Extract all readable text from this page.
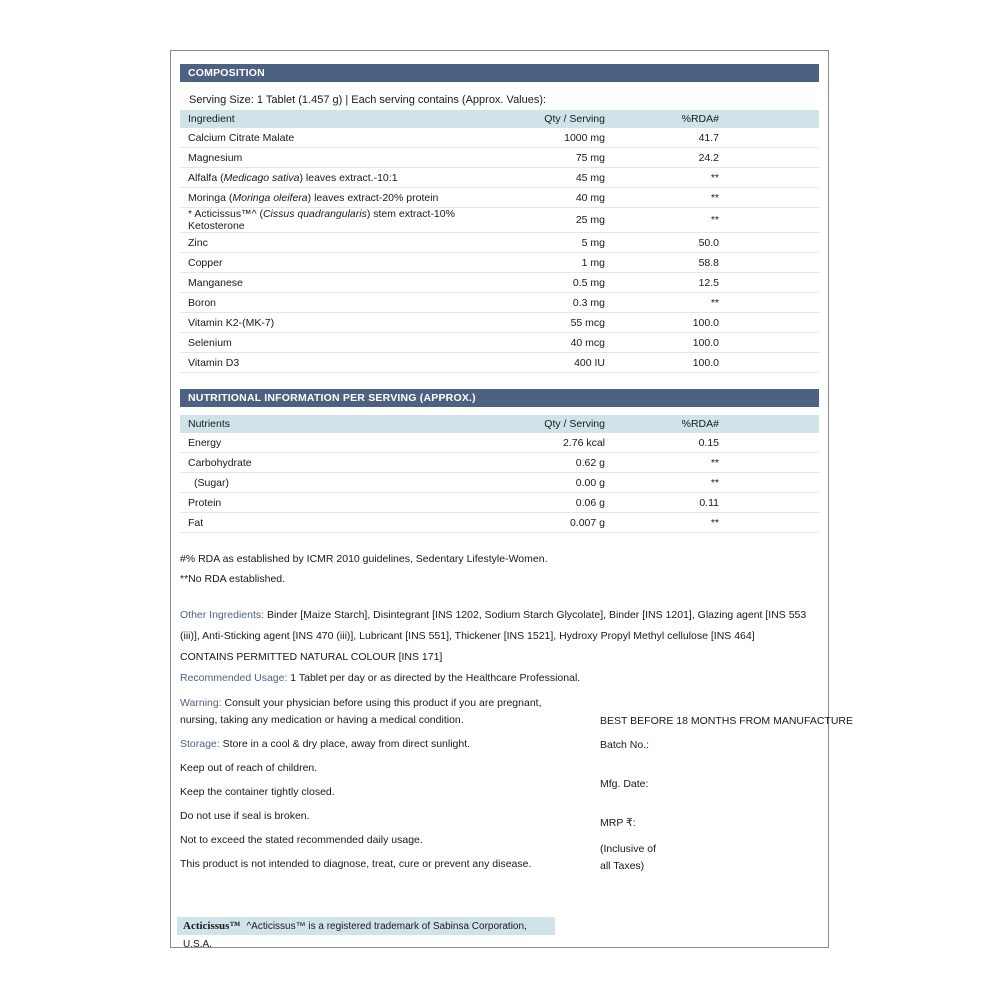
COMPOSITION
Serving Size: 1 Tablet (1.457 g) | Each serving contains (Approx. Values):
Ingredient	Qty / Serving	%RDA#
Calcium Citrate Malate	1000 mg	41.7
Magnesium	75 mg	24.2
Alfalfa (Medicago sativa) leaves extract.-10:1	45 mg	**
Moringa (Moringa oleifera) leaves extract-20% protein	40 mg	**
* Acticissus™^ (Cissus quadrangularis) stem extract-10% Ketosterone	25 mg	**
Zinc	5 mg	50.0
Copper	1 mg	58.8
Manganese	0.5 mg	12.5
Boron	0.3 mg	**
Vitamin K2-(MK-7)	55 mcg	100.0
Selenium	40 mcg	100.0
Vitamin D3	400 IU	100.0
NUTRITIONAL INFORMATION PER SERVING (APPROX.)
Nutrients	Qty / Serving	%RDA#
Energy	2.76 kcal	0.15
Carbohydrate	0.62 g	**
(Sugar)	0.00 g	**
Protein	0.06 g	0.11
Fat	0.007 g	**
#% RDA as established by ICMR 2010 guidelines, Sedentary Lifestyle-Women.
**No RDA established.
Other Ingredients: Binder [Maize Starch], Disintegrant [INS 1202, Sodium Starch Glycolate], Binder [INS 1201], Glazing agent [INS 553 (iii)], Anti-Sticking agent [INS 470 (iii)], Lubricant [INS 551], Thickener [INS 1521], Hydroxy Propyl Methyl cellulose [INS 464]
CONTAINS PERMITTED NATURAL COLOUR [INS 171]
Recommended Usage: 1 Tablet per day or as directed by the Healthcare Professional.
Warning: Consult your physician before using this product if you are pregnant, nursing, taking any medication or having a medical condition.
Storage: Store in a cool & dry place, away from direct sunlight.
Keep out of reach of children.
Keep the container tightly closed.
Do not use if seal is broken.
Not to exceed the stated recommended daily usage.
This product is not intended to diagnose, treat, cure or prevent any disease.
BEST BEFORE 18 MONTHS FROM MANUFACTURE
Batch No.:
Mfg. Date:
MRP ₹:
(Inclusive of
all Taxes)
Acticissus™ ^Acticissus™ is a registered trademark of Sabinsa Corporation, U.S.A.
